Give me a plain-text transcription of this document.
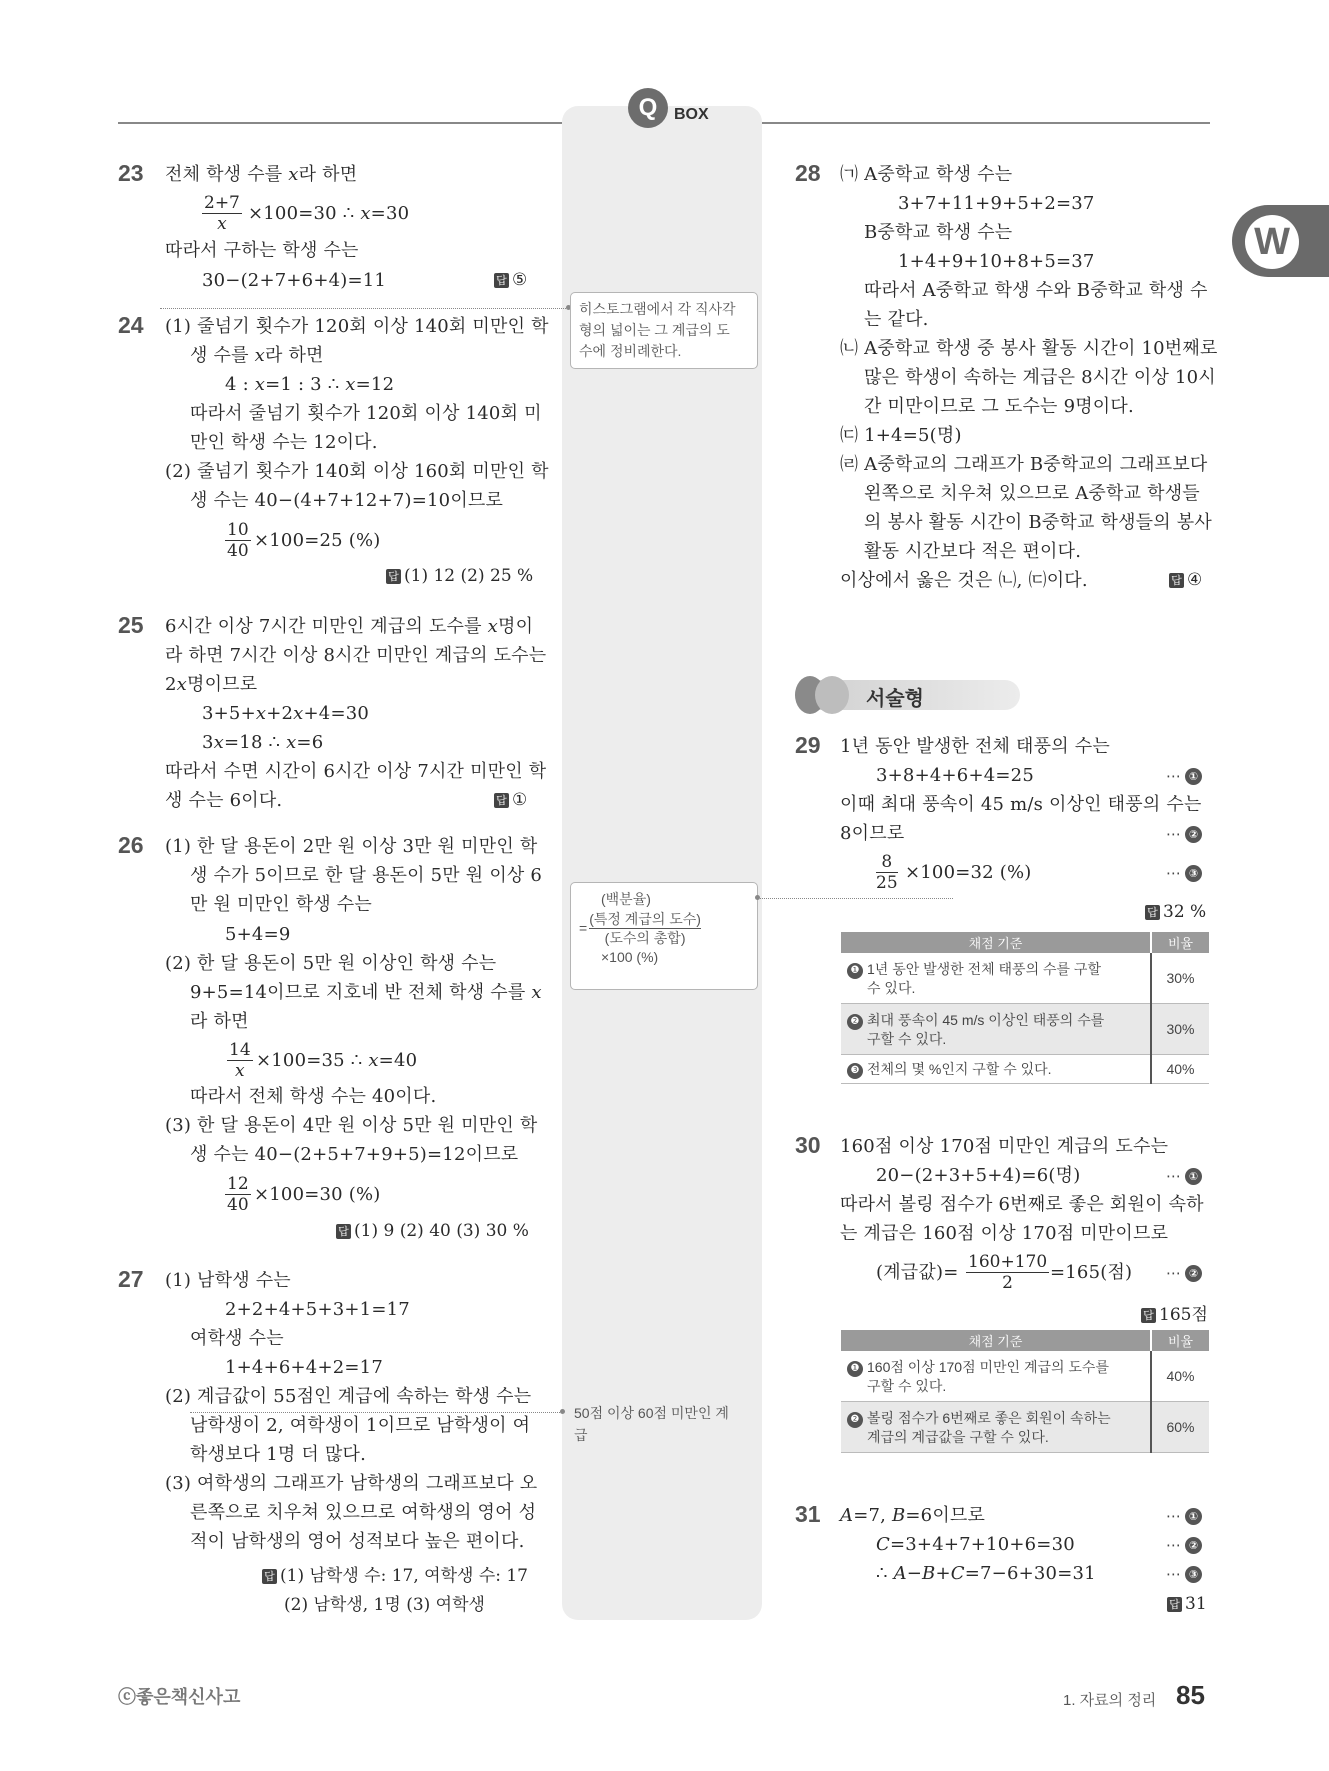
Q	BOX
W
23 전체 학생 수를 𝑥라 하면
2+7
𝑥	×100=30 ∴ 𝑥=30
따라서 구하는 학생 수는
30−(2+7+6+4)=11	답 ⑤
24 (1) 줄넘기 횟수가 120회 이상 140회 미만인 학
생 수를 𝑥라 하면
4 : 𝑥=1 : 3 ∴ 𝑥=12
따라서 줄넘기 횟수가 120회 이상 140회 미
만인 학생 수는 12이다.
(2) 줄넘기 횟수가 140회 이상 160회 미만인 학
생 수는 40−(4+7+12+7)=10이므로
$\frac{10}{40} \times 100=25$ (%)
답 (1) 12 (2) 25 %
25 6시간 이상 7시간 미만인 계급의 도수를 𝑥명이
라 하면 7시간 이상 8시간 미만인 계급의 도수는
2𝑥명이므로
3+5+𝑥+2𝑥+4=30
3𝑥=18 ∴ 𝑥=6
따라서 수면 시간이 6시간 이상 7시간 미만인 학
생 수는 6이다.	답 ①
26 (1) 한 달 용돈이 2만 원 이상 3만 원 미만인 학
생 수가 5이므로 한 달 용돈이 5만 원 이상 6
만 원 미만인 학생 수는
5+4=9
(2) 한 달 용돈이 5만 원 이상인 학생 수는
9+5=14이므로 지호네 반 전체 학생 수를 𝑥
라 하면
14
𝑥 ×100=35 ∴ 𝑥=40
따라서 전체 학생 수는 40이다.
(3) 한 달 용돈이 4만 원 이상 5만 원 미만인 학
생 수는 40−(2+5+7+9+5)=12이므로
$\frac{12}{40} \times 100=30$ (%)
답 (1) 9 (2) 40 (3) 30 %
27 (1) 남학생 수는
2+2+4+5+3+1=17
여학생 수는
1+4+6+4+2=17
(2) 계급값이 55점인 계급에 속하는 학생 수는
남학생이 2, 여학생이 1이므로 남학생이 여
학생보다 1명 더 많다.
(3) 여학생의 그래프가 남학생의 그래프보다 오
른쪽으로 치우쳐 있으므로 여학생의 영어 성
적이 남학생의 영어 성적보다 높은 편이다.
답 (1) 남학생 수: 17, 여학생 수: 17
(2) 남학생, 1명 (3) 여학생
히스토그램에서 각 직사각
형의 넓이는 그 계급의 도
수에 정비례한다.
(백분율)
=
(특정 계급의 도수)
(도수의 총합)
×100 (%)
50점 이상 60점 미만인 계
급
28 ㈀ A중학교 학생 수는
3+7+11+9+5+2=37
B중학교 학생 수는
1+4+9+10+8+5=37
따라서 A중학교 학생 수와 B중학교 학생 수
는 같다.
㈁ A중학교 학생 중 봉사 활동 시간이 10번째로
많은 학생이 속하는 계급은 8시간 이상 10시
간 미만이므로 그 도수는 9명이다.
㈂ 1+4=5(명)
㈃ A중학교의 그래프가 B중학교의 그래프보다
왼쪽으로 치우쳐 있으므로 A중학교 학생들
의 봉사 활동 시간이 B중학교 학생들의 봉사
활동 시간보다 적은 편이다.
이상에서 옳은 것은 ㈁, ㈂이다.	답 ④
서술형
29 1년 동안 발생한 전체 태풍의 수는
3+8+4+6+4=25	⋯ ①
이때 최대 풍속이 45 m/s 이상인 태풍의 수는
8이므로	⋯ ②
$\frac{8}{25} \times 100=32$ (%)	⋯ ③
답 32 %
채점 기준	비율
❶ 1년 동안 발생한 전체 태풍의 수를 구할
수 있다.	30%
❷ 최대 풍속이 45 m/s 이상인 태풍의 수를
구할 수 있다.	30%
❸ 전체의 몇 %인지 구할 수 있다.	40%
30 160점 이상 170점 미만인 계급의 도수는
20−(2+3+5+4)=6(명)	⋯ ①
따라서 볼링 점수가 6번째로 좋은 회원이 속하
는 계급은 160점 이상 170점 미만이므로
(계급값)= $\frac{160+170}{2} =165$(점) ⋯ ②
답 165점
채점 기준	비율
❶ 160점 이상 170점 미만인 계급의 도수를
구할 수 있다.	40%
❷ 볼링 점수가 6번째로 좋은 회원이 속하는
계급의 계급값을 구할 수 있다.	60%
31 𝐴=7, 𝐵=6이므로	⋯ ①
𝐶=3+4+7+10+6=30	⋯ ②
∴ 𝐴−𝐵+𝐶=7−6+30=31	⋯ ③
답 31
ⓒ좋은책신사고	1. 자료의 정리 85
